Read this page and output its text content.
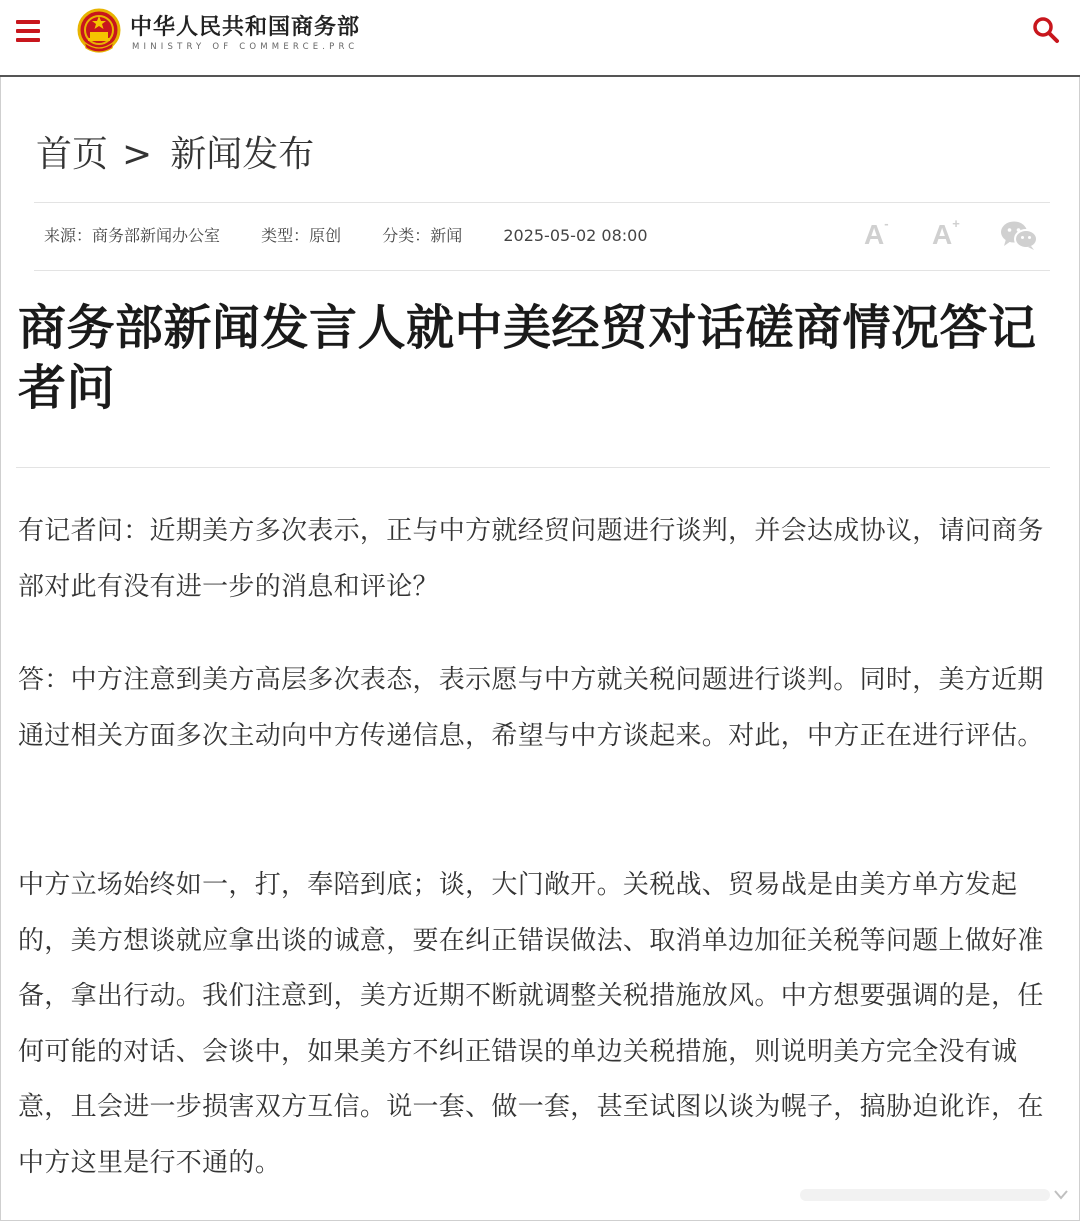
中华人民共和国商务部
MINISTRY OF COMMERCE.PRC
首页 > 新闻发布
来源：商务部新闻办公室	类型：原创	分类：新闻	2025-05-02 08:00	A- A+
商务部新闻发言人就中美经贸对话磋商情况答记者问

有记者问：近期美方多次表示，正与中方就经贸问题进行谈判，并会达成协议，请问商务部对此有没有进一步的消息和评论？

答：中方注意到美方高层多次表态，表示愿与中方就关税问题进行谈判。同时，美方近期通过相关方面多次主动向中方传递信息，希望与中方谈起来。对此，中方正在进行评估。

中方立场始终如一，打，奉陪到底；谈，大门敞开。关税战、贸易战是由美方单方发起的，美方想谈就应拿出谈的诚意，要在纠正错误做法、取消单边加征关税等问题上做好准备，拿出行动。我们注意到，美方近期不断就调整关税措施放风。中方想要强调的是，任何可能的对话、会谈中，如果美方不纠正错误的单边关税措施，则说明美方完全没有诚意，且会进一步损害双方互信。说一套、做一套，甚至试图以谈为幌子，搞胁迫讹诈，在中方这里是行不通的。
